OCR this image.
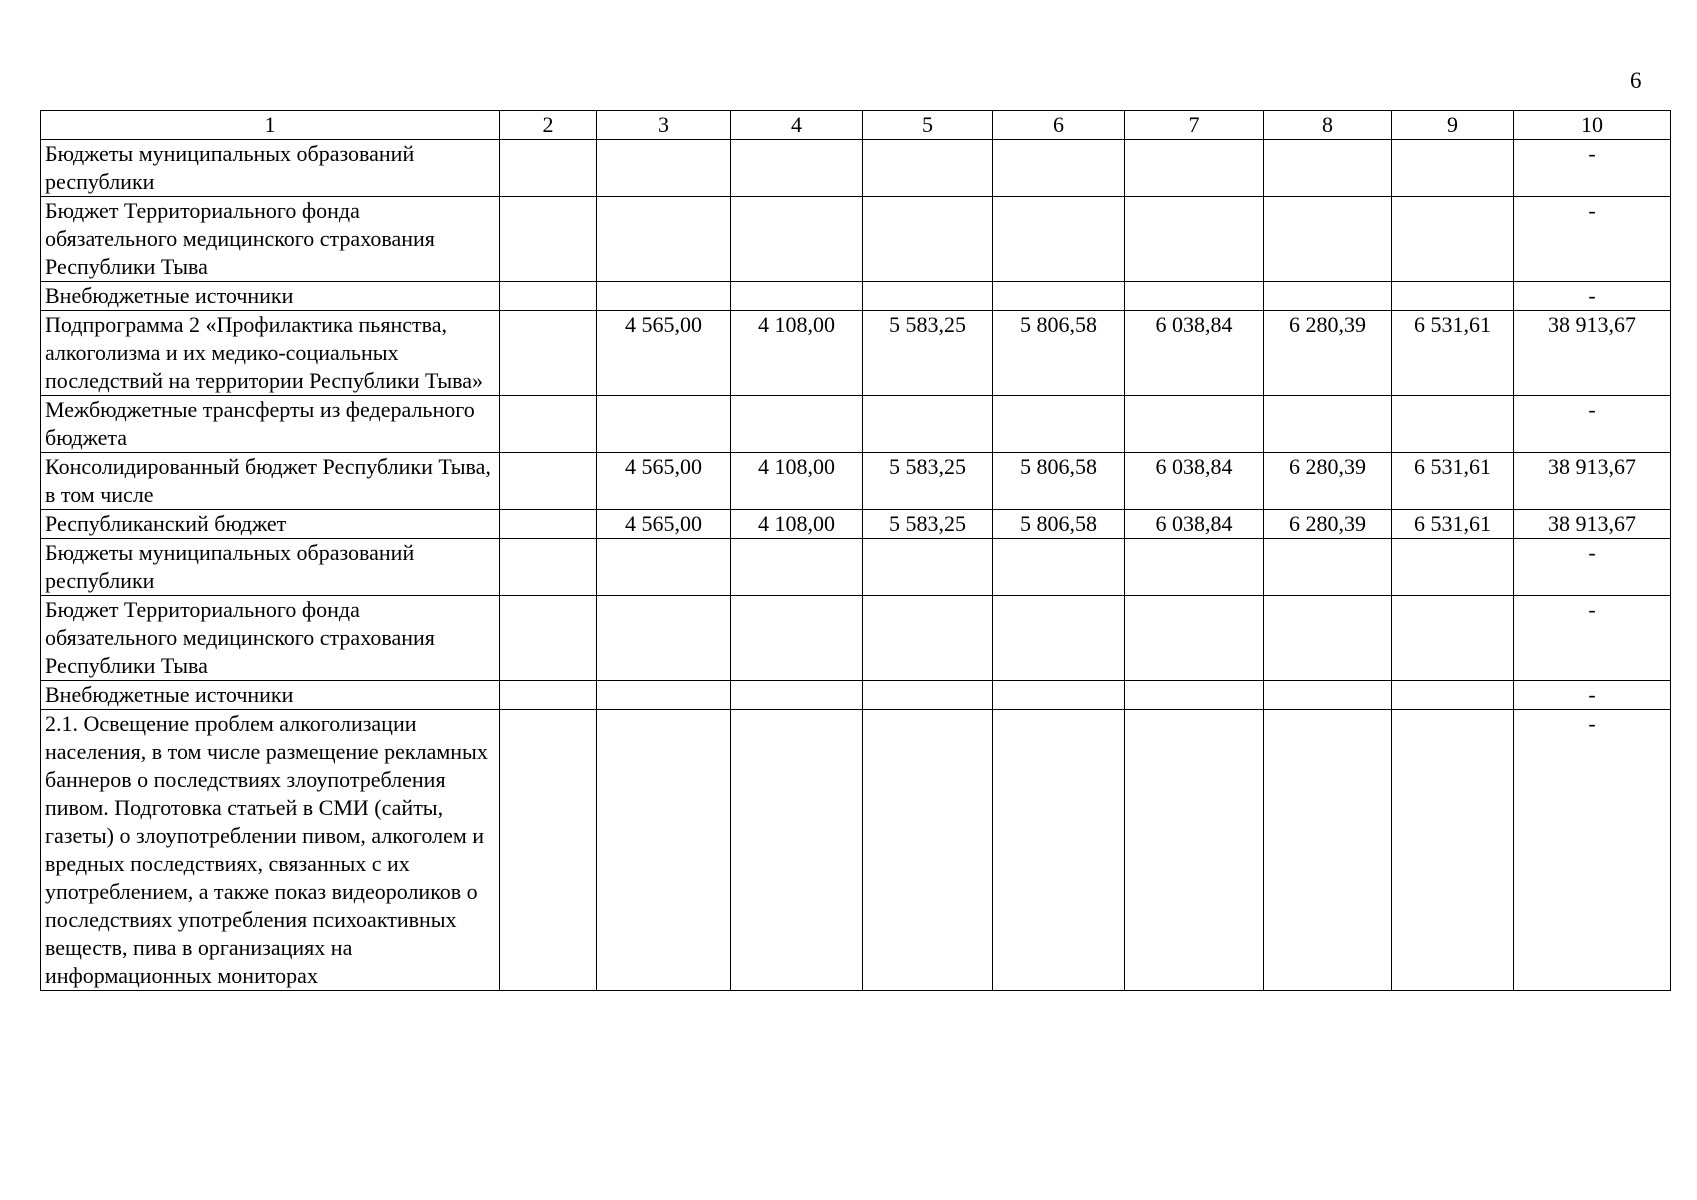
6
1	2	3	4	5	6	7	8	9	10
Бюджеты муниципальных образований республики									-
Бюджет Территориального фонда обязательного медицинского страхования Республики Тыва									-
Внебюджетные источники									-
Подпрограмма 2 «Профилактика пьянства, алкоголизма и их медико-социальных последствий на территории Республики Тыва»		4 565,00	4 108,00	5 583,25	5 806,58	6 038,84	6 280,39	6 531,61	38 913,67
Межбюджетные трансферты из федерального бюджета									-
Консолидированный бюджет Республики Тыва, в том числе		4 565,00	4 108,00	5 583,25	5 806,58	6 038,84	6 280,39	6 531,61	38 913,67
Республиканский бюджет		4 565,00	4 108,00	5 583,25	5 806,58	6 038,84	6 280,39	6 531,61	38 913,67
Бюджеты муниципальных образований республики									-
Бюджет Территориального фонда обязательного медицинского страхования Республики Тыва									-
Внебюджетные источники									-
2.1. Освещение проблем алкоголизации населения, в том числе размещение рекламных баннеров о последствиях злоупотребления пивом. Подготовка статьей в СМИ (сайты, газеты) о злоупотреблении пивом, алкоголем и вредных последствиях, связанных с их употреблением, а также показ видеороликов о последствиях употребления психоактивных веществ, пива в организациях на информационных мониторах									-
